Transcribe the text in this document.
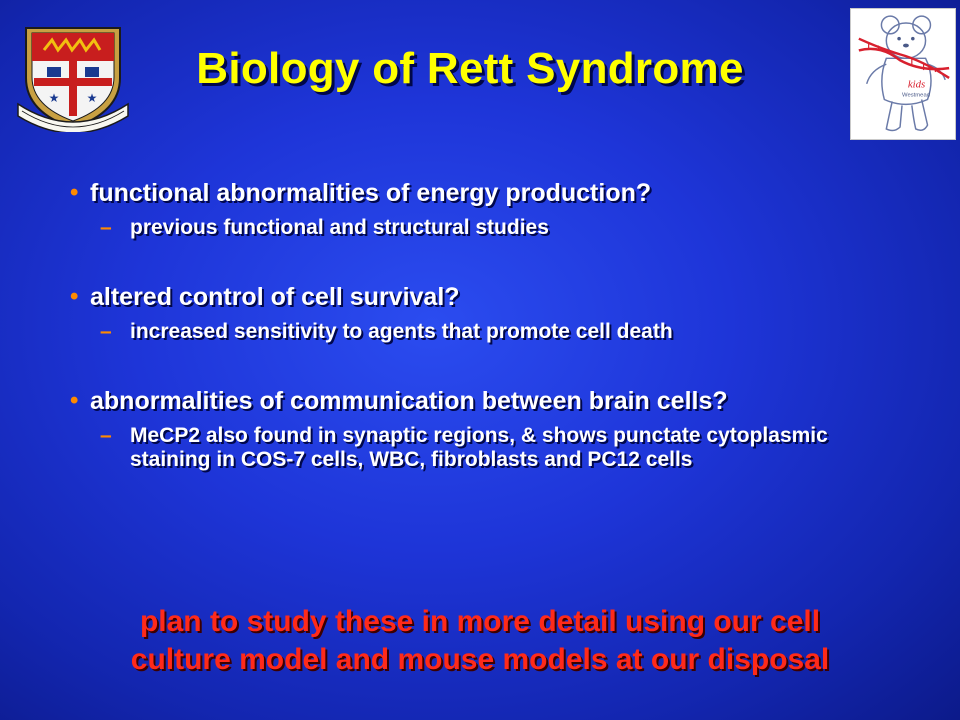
★ ★
Biology of Rett Syndrome	kids
Westmead
• functional abnormalities of energy production?
– previous functional and structural studies
• altered control of cell survival?
– increased sensitivity to agents that promote cell death
• abnormalities of communication between brain cells?
– MeCP2 also found in synaptic regions, & shows punctate cytoplasmic staining in COS-7 cells, WBC, fibroblasts and PC12 cells
plan to study these in more detail using our cell
culture model and mouse models at our disposal
